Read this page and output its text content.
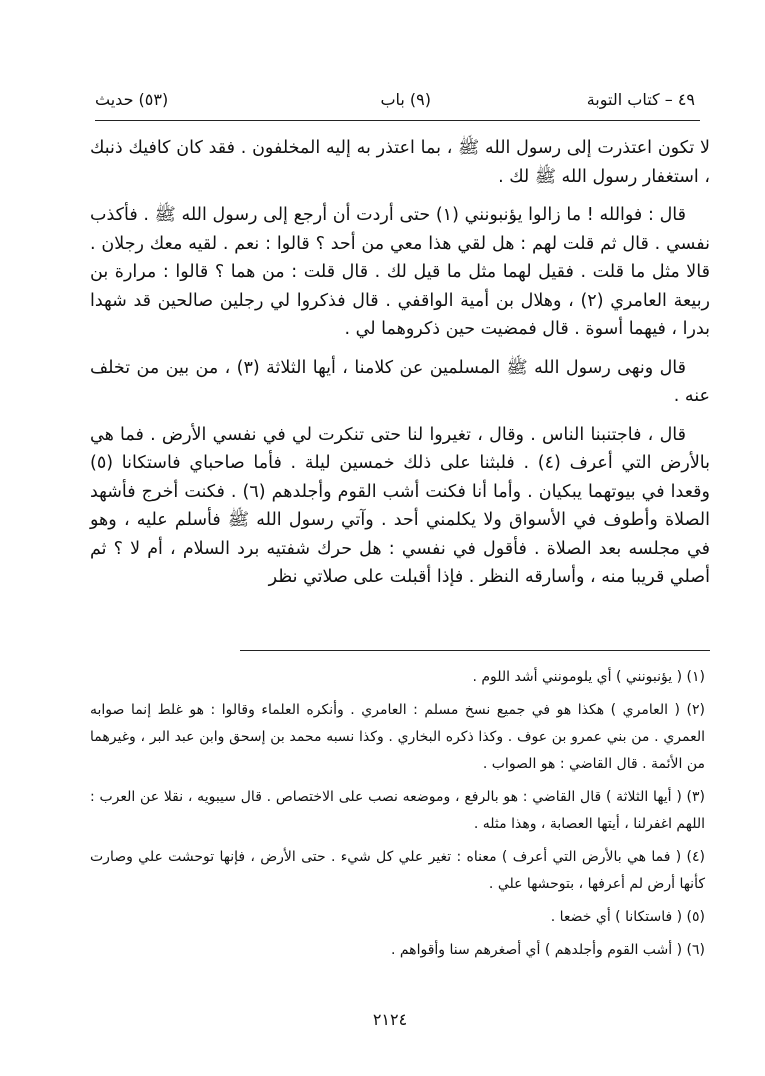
٤٩ – كتاب التوبة
(٩) باب
(٥٣) حديث

لا تكون اعتذرت إلى رسول الله ﷺ ، بما اعتذر به إليه المخلفون . فقد كان كافيك ذنبك ، استغفار رسول الله ﷺ لك .

قال : فوالله ! ما زالوا يؤنبونني (١) حتى أردت أن أرجع إلى رسول الله ﷺ . فأكذب نفسي . قال ثم قلت لهم : هل لقي هذا معي من أحد ؟ قالوا : نعم . لقيه معك رجلان . قالا مثل ما قلت . فقيل لهما مثل ما قيل لك . قال قلت : من هما ؟ قالوا : مرارة بن ربيعة العامري (٢) ، وهلال بن أمية الواقفي . قال فذكروا لي رجلين صالحين قد شهدا بدرا ، فيهما أسوة . قال فمضيت حين ذكروهما لي .

قال ونهى رسول الله ﷺ المسلمين عن كلامنا ، أيها الثلاثة (٣) ، من بين من تخلف عنه .

قال ، فاجتنبنا الناس . وقال ، تغيروا لنا حتى تنكرت لي في نفسي الأرض . فما هي بالأرض التي أعرف (٤) . فلبثنا على ذلك خمسين ليلة . فأما صاحباي فاستكانا (٥) وقعدا في بيوتهما يبكيان . وأما أنا فكنت أشب القوم وأجلدهم (٦) . فكنت أخرج فأشهد الصلاة وأطوف في الأسواق ولا يكلمني أحد . وآتي رسول الله ﷺ فأسلم عليه ، وهو في مجلسه بعد الصلاة . فأقول في نفسي : هل حرك شفتيه برد السلام ، أم لا ؟ ثم أصلي قريبا منه ، وأسارقه النظر . فإذا أقبلت على صلاتي نظر

(١) ( يؤنبونني ) أي يلومونني أشد اللوم .

(٢) ( العامري ) هكذا هو في جميع نسخ مسلم : العامري . وأنكره العلماء وقالوا : هو غلط إنما صوابه العمري . من بني عمرو بن عوف . وكذا ذكره البخاري . وكذا نسبه محمد بن إسحق وابن عبد البر ، وغيرهما من الأئمة . قال القاضي : هو الصواب .

(٣) ( أيها الثلاثة ) قال القاضي : هو بالرفع ، وموضعه نصب على الاختصاص . قال سيبويه ، نقلا عن العرب : اللهم اغفرلنا ، أيتها العصابة ، وهذا مثله .

(٤) ( فما هي بالأرض التي أعرف ) معناه : تغير علي كل شيء . حتى الأرض ، فإنها توحشت علي وصارت كأنها أرض لم أعرفها ، بتوحشها علي .

(٥) ( فاستكانا ) أي خضعا .

(٦) ( أشب القوم وأجلدهم ) أي أصغرهم سنا وأقواهم .

٢١٢٤
